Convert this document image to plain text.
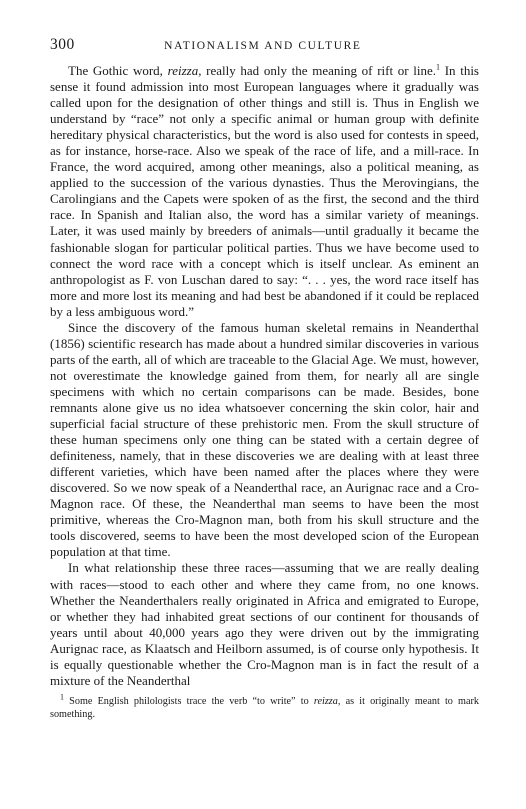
300	NATIONALISM AND CULTURE

The Gothic word, reizza, really had only the meaning of rift or line.$^1$ In this sense it found admission into most European languages where it gradually was called upon for the designation of other things and still is. Thus in English we understand by “race” not only a specific animal or human group with definite hereditary physical characteristics, but the word is also used for contests in speed, as for instance, horse-race. Also we speak of the race of life, and a mill-race. In France, the word acquired, among other meanings, also a political meaning, as applied to the succession of the various dynasties. Thus the Merovingians, the Carolingians and the Capets were spoken of as the first, the second and the third race. In Spanish and Italian also, the word has a similar variety of meanings. Later, it was used mainly by breeders of animals—until gradually it became the fashionable slogan for particular political parties. Thus we have become used to connect the word race with a concept which is itself unclear. As eminent an anthropologist as F. von Luschan dared to say: “. . . yes, the word race itself has more and more lost its meaning and had best be abandoned if it could be replaced by a less ambiguous word.”

Since the discovery of the famous human skeletal remains in Neanderthal (1856) scientific research has made about a hundred similar discoveries in various parts of the earth, all of which are traceable to the Glacial Age. We must, however, not overestimate the knowledge gained from them, for nearly all are single specimens with which no certain comparisons can be made. Besides, bone remnants alone give us no idea whatsoever concerning the skin color, hair and superficial facial structure of these prehistoric men. From the skull structure of these human specimens only one thing can be stated with a certain degree of definiteness, namely, that in these discoveries we are dealing with at least three different varieties, which have been named after the places where they were discovered. So we now speak of a Neanderthal race, an Aurignac race and a Cro-Magnon race. Of these, the Neanderthal man seems to have been the most primitive, whereas the Cro-Magnon man, both from his skull structure and the tools discovered, seems to have been the most developed scion of the European population at that time.

In what relationship these three races—assuming that we are really dealing with races—stood to each other and where they came from, no one knows. Whether the Neanderthalers really originated in Africa and emigrated to Europe, or whether they had inhabited great sections of our continent for thousands of years until about 40,000 years ago they were driven out by the immigrating Aurignac race, as Klaatsch and Heilborn assumed, is of course only hypothesis. It is equally questionable whether the Cro-Magnon man is in fact the result of a mixture of the Neanderthal

$^1$ Some English philologists trace the verb “to write” to reizza, as it originally meant to mark something.
